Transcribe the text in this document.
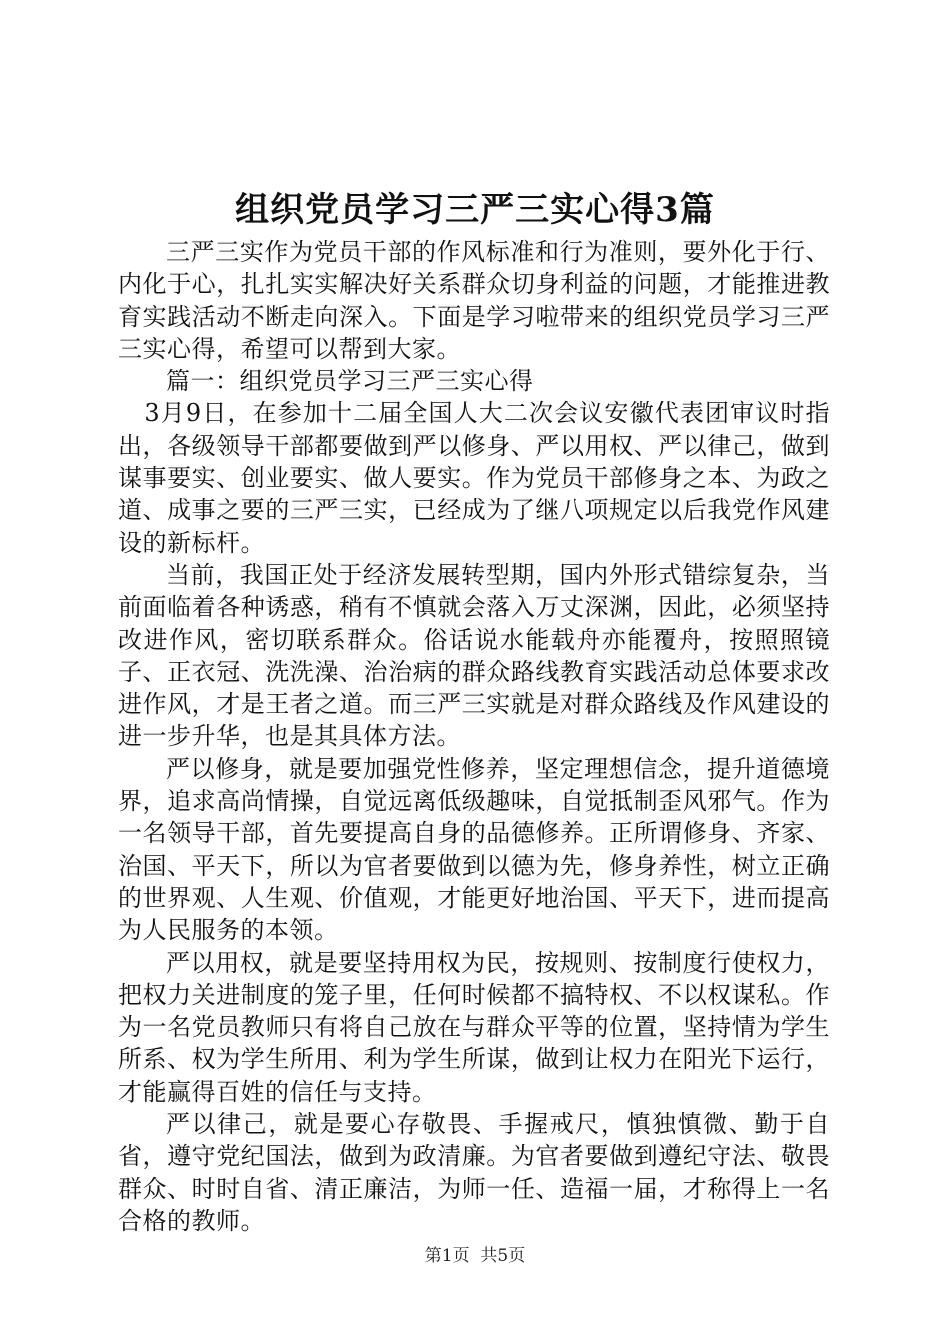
组织党员学习三严三实心得3篇

三严三实作为党员干部的作风标准和行为准则，要外化于行、内化于心，扎扎实实解决好关系群众切身利益的问题，才能推进教育实践活动不断走向深入。下面是学习啦带来的组织党员学习三严三实心得，希望可以帮到大家。

篇一：组织党员学习三严三实心得

3月9日，在参加十二届全国人大二次会议安徽代表团审议时指出，各级领导干部都要做到严以修身、严以用权、严以律己，做到谋事要实、创业要实、做人要实。作为党员干部修身之本、为政之道、成事之要的三严三实，已经成为了继八项规定以后我党作风建设的新标杆。

当前，我国正处于经济发展转型期，国内外形式错综复杂，当前面临着各种诱惑，稍有不慎就会落入万丈深渊，因此，必须坚持改进作风，密切联系群众。俗话说水能载舟亦能覆舟，按照照镜子、正衣冠、洗洗澡、治治病的群众路线教育实践活动总体要求改进作风，才是王者之道。而三严三实就是对群众路线及作风建设的进一步升华，也是其具体方法。

严以修身，就是要加强党性修养，坚定理想信念，提升道德境界，追求高尚情操，自觉远离低级趣味，自觉抵制歪风邪气。作为一名领导干部，首先要提高自身的品德修养。正所谓修身、齐家、治国、平天下，所以为官者要做到以德为先，修身养性，树立正确的世界观、人生观、价值观，才能更好地治国、平天下，进而提高为人民服务的本领。

严以用权，就是要坚持用权为民，按规则、按制度行使权力，把权力关进制度的笼子里，任何时候都不搞特权、不以权谋私。作为一名党员教师只有将自己放在与群众平等的位置，坚持情为学生所系、权为学生所用、利为学生所谋，做到让权力在阳光下运行，才能赢得百姓的信任与支持。

严以律己，就是要心存敬畏、手握戒尺，慎独慎微、勤于自省，遵守党纪国法，做到为政清廉。为官者要做到遵纪守法、敬畏群众、时时自省、清正廉洁，为师一任、造福一届，才称得上一名合格的教师。

第1页 共5页
